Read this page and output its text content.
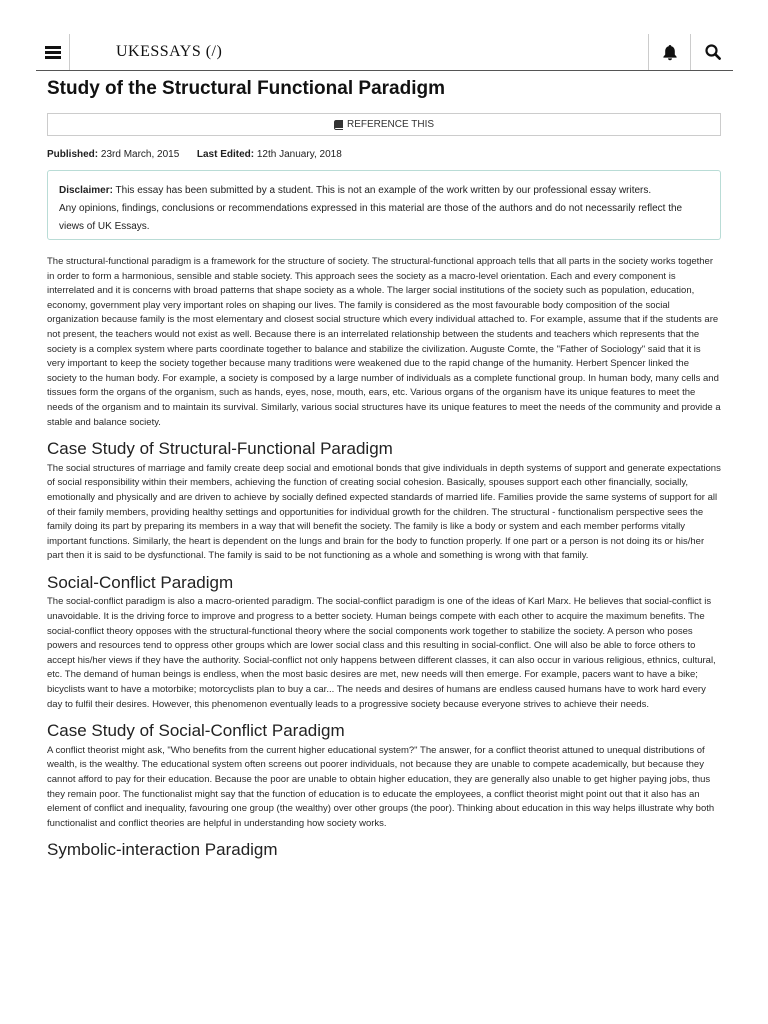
UKESSAYS (/)
Study of the Structural Functional Paradigm
REFERENCE THIS
Published: 23rd March, 2015 Last Edited: 12th January, 2018

Disclaimer: This essay has been submitted by a student. This is not an example of the work written by our professional essay writers.

Any opinions, findings, conclusions or recommendations expressed in this material are those of the authors and do not necessarily reflect the views of UK Essays.

The structural-functional paradigm is a framework for the structure of society. The structural-functional approach tells that all parts in the society works together in order to form a harmonious, sensible and stable society. This approach sees the society as a macro-level orientation. Each and every component is interrelated and it is concerns with broad patterns that shape society as a whole. The larger social institutions of the society such as population, education, economy, government play very important roles on shaping our lives. The family is considered as the most favourable body composition of the social organization because family is the most elementary and closest social structure which every individual attached to. For example, assume that if the students are not present, the teachers would not exist as well. Because there is an interrelated relationship between the students and teachers which represents that the society is a complex system where parts coordinate together to balance and stabilize the civilization. Auguste Comte, the "Father of Sociology" said that it is very important to keep the society together because many traditions were weakened due to the rapid change of the humanity. Herbert Spencer linked the society to the human body. For example, a society is composed by a large number of individuals as a complete functional group. In human body, many cells and tissues form the organs of the organism, such as hands, eyes, nose, mouth, ears, etc. Various organs of the organism have its unique features to meet the needs of the organism and to maintain its survival. Similarly, various social structures have its unique features to meet the needs of the community and provide a stable and balance society.

Case Study of Structural-Functional Paradigm

The social structures of marriage and family create deep social and emotional bonds that give individuals in depth systems of support and generate expectations of social responsibility within their members, achieving the function of creating social cohesion. Basically, spouses support each other financially, socially, emotionally and physically and are driven to achieve by socially defined expected standards of married life. Families provide the same systems of support for all of their family members, providing healthy settings and opportunities for individual growth for the children. The structural - functionalism perspective sees the family doing its part by preparing its members in a way that will benefit the society. The family is like a body or system and each member performs vitally important functions. Similarly, the heart is dependent on the lungs and brain for the body to function properly. If one part or a person is not doing its or his/her part then it is said to be dysfunctional. The family is said to be not functioning as a whole and something is wrong with that family.

Social-Conflict Paradigm

The social-conflict paradigm is also a macro-oriented paradigm. The social-conflict paradigm is one of the ideas of Karl Marx. He believes that social-conflict is unavoidable. It is the driving force to improve and progress to a better society. Human beings compete with each other to acquire the maximum benefits. The social-conflict theory opposes with the structural-functional theory where the social components work together to stabilize the society. A person who poses powers and resources tend to oppress other groups which are lower social class and this resulting in social-conflict. One will also be able to force others to accept his/her views if they have the authority. Social-conflict not only happens between different classes, it can also occur in various religious, ethnics, cultural, etc. The demand of human beings is endless, when the most basic desires are met, new needs will then emerge. For example, pacers want to have a bike; bicyclists want to have a motorbike; motorcyclists plan to buy a car... The needs and desires of humans are endless caused humans have to work hard every day to fulfil their desires. However, this phenomenon eventually leads to a progressive society because everyone strives to achieve their needs.

Case Study of Social-Conflict Paradigm

A conflict theorist might ask, "Who benefits from the current higher educational system?" The answer, for a conflict theorist attuned to unequal distributions of wealth, is the wealthy. The educational system often screens out poorer individuals, not because they are unable to compete academically, but because they cannot afford to pay for their education. Because the poor are unable to obtain higher education, they are generally also unable to get higher paying jobs, thus they remain poor. The functionalist might say that the function of education is to educate the employees, a conflict theorist might point out that it also has an element of conflict and inequality, favouring one group (the wealthy) over other groups (the poor). Thinking about education in this way helps illustrate why both functionalist and conflict theories are helpful in understanding how society works.

Symbolic-interaction Paradigm
